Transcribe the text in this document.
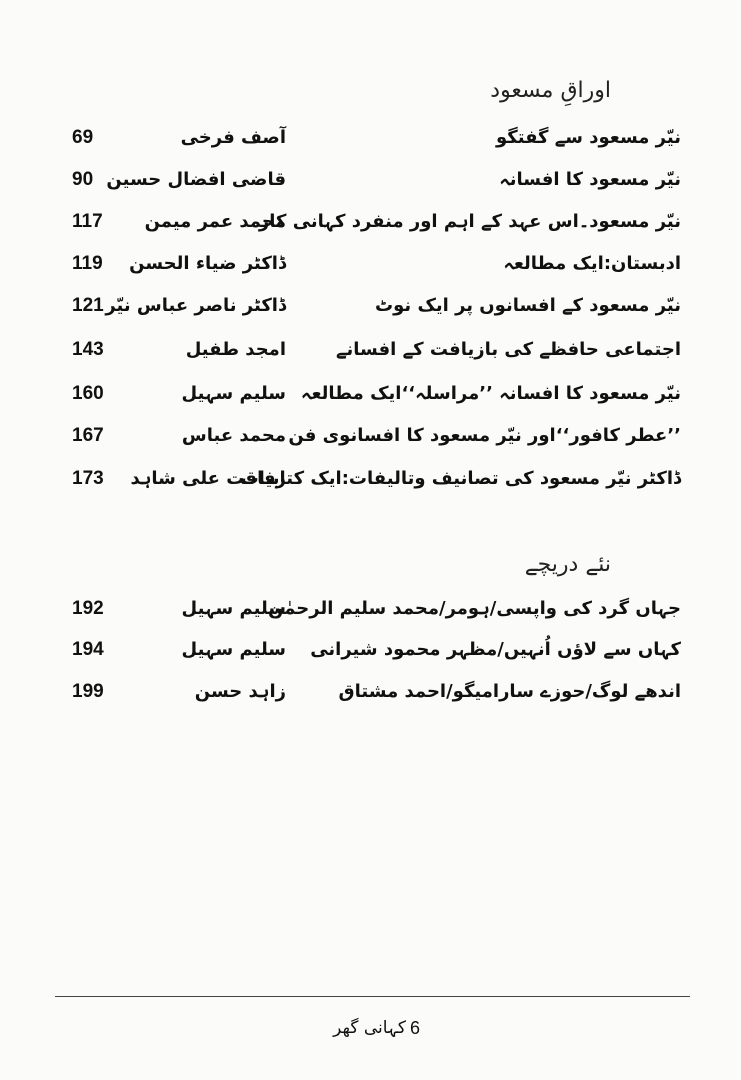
اوراقِ مسعود
نیّر مسعود سے گفتگو
آصف فرخی
69
نیّر مسعود کا افسانہ
قاضی افضال حسین
90
نیّر مسعود۔اس عہد کے اہم اور منفرد کہانی کار
محمد عمر میمن
117
ادبستان:ایک مطالعہ
ڈاکٹر ضیاء الحسن
119
نیّر مسعود کے افسانوں پر ایک نوٹ
ڈاکٹر ناصر عباس نیّر
121
اجتماعی حافظے کی بازیافت کے افسانے
امجد طفیل
143
نیّر مسعود کا افسانہ ’’مراسلہ‘‘ایک مطالعہ
سلیم سہیل
160
’’عطر کافور‘‘اور نیّر مسعود کا افسانوی فن
محمد عباس
167
ڈاکٹر نیّر مسعود کی تصانیف وتالیفات:ایک کتابیات
رفاقت علی شاہد
173
نئے دریچے
جہاں گرد کی واپسی/ہومر/محمد سلیم الرحمٰن
سلیم سہیل
192
کہاں سے لاؤں اُنہیں/مظہر محمود شیرانی
سلیم سہیل
194
اندھے لوگ/حوزے سارامیگو/احمد مشتاق
زاہد حسن
199
6
کہانی گھر
